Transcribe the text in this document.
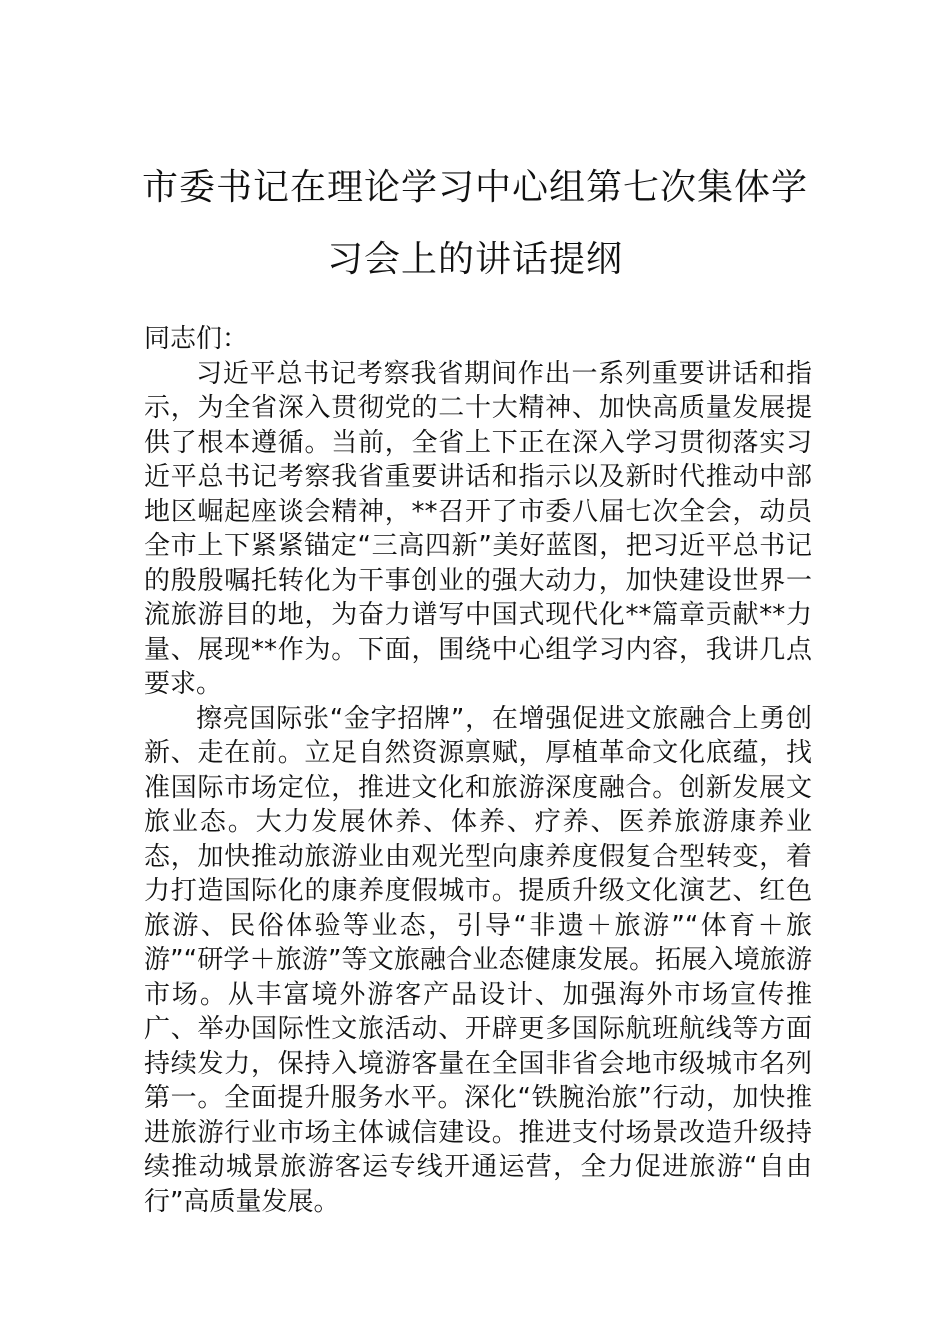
市委书记在理论学习中心组第七次集体学习会上的讲话提纲

同志们：

习近平总书记考察我省期间作出一系列重要讲话和指示，为全省深入贯彻党的二十大精神、加快高质量发展提供了根本遵循。当前，全省上下正在深入学习贯彻落实习近平总书记考察我省重要讲话和指示以及新时代推动中部地区崛起座谈会精神，**召开了市委八届七次全会，动员全市上下紧紧锚定“三高四新”美好蓝图，把习近平总书记的殷殷嘱托转化为干事创业的强大动力，加快建设世界一流旅游目的地，为奋力谱写中国式现代化**篇章贡献**力量、展现**作为。下面，围绕中心组学习内容，我讲几点要求。

擦亮国际张“金字招牌”，在增强促进文旅融合上勇创新、走在前。立足自然资源禀赋，厚植革命文化底蕴，找准国际市场定位，推进文化和旅游深度融合。创新发展文旅业态。大力发展休养、体养、疗养、医养旅游康养业态，加快推动旅游业由观光型向康养度假复合型转变，着力打造国际化的康养度假城市。提质升级文化演艺、红色旅游、民俗体验等业态，引导“非遗＋旅游”“体育＋旅游”“研学＋旅游”等文旅融合业态健康发展。拓展入境旅游市场。从丰富境外游客产品设计、加强海外市场宣传推广、举办国际性文旅活动、开辟更多国际航班航线等方面持续发力，保持入境游客量在全国非省会地市级城市名列第一。全面提升服务水平。深化“铁腕治旅”行动，加快推进旅游行业市场主体诚信建设。推进支付场景改造升级持续推动城景旅游客运专线开通运营，全力促进旅游“自由行”高质量发展。
